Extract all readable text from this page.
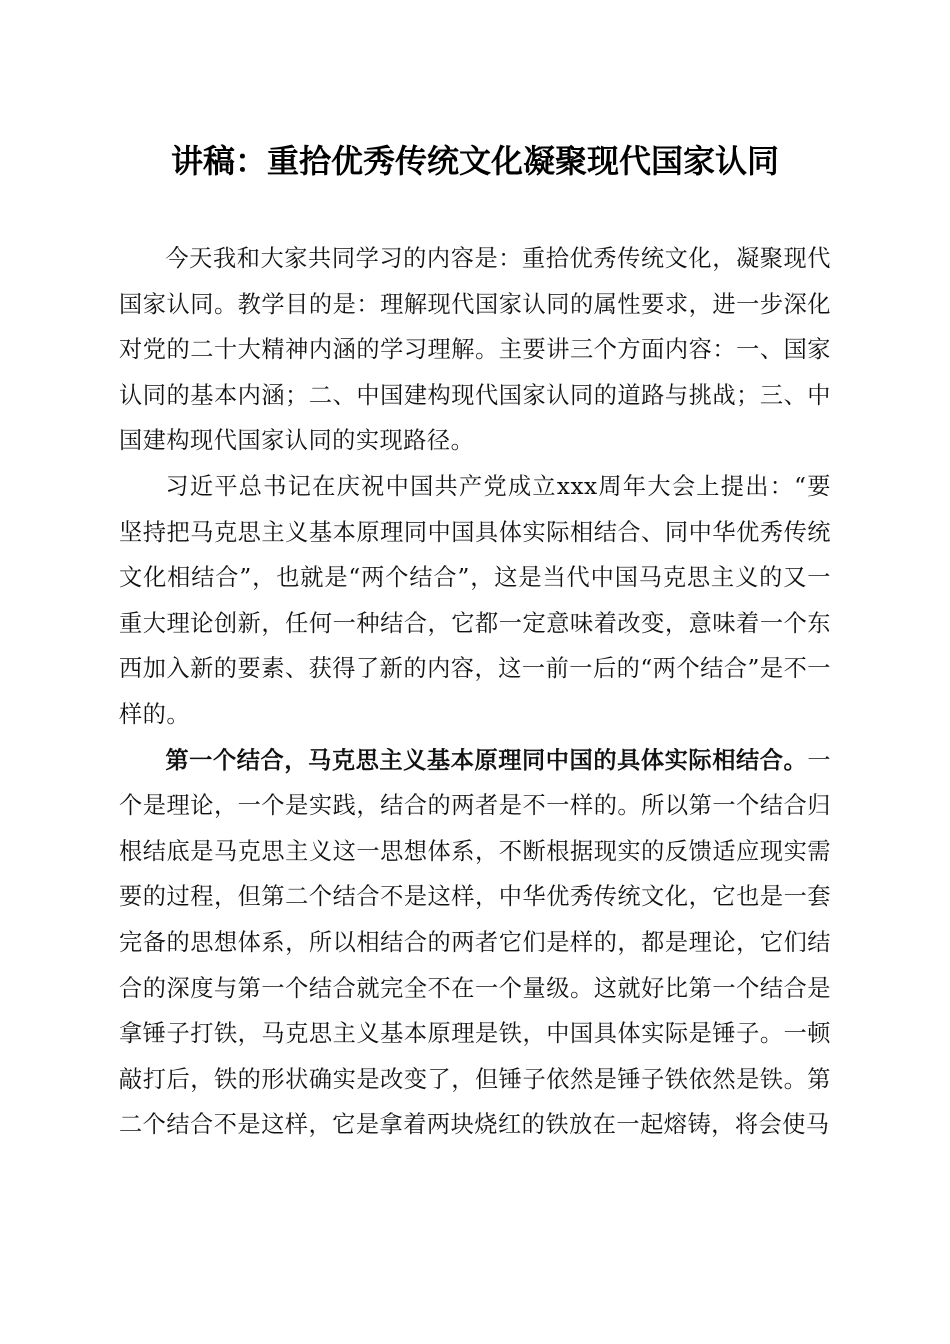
讲稿：重拾优秀传统文化凝聚现代国家认同

今天我和大家共同学习的内容是：重拾优秀传统文化，凝聚现代国家认同。教学目的是：理解现代国家认同的属性要求，进一步深化对党的二十大精神内涵的学习理解。主要讲三个方面内容：一、国家认同的基本内涵；二、中国建构现代国家认同的道路与挑战；三、中国建构现代国家认同的实现路径。

习近平总书记在庆祝中国共产党成立xxx周年大会上提出：“要坚持把马克思主义基本原理同中国具体实际相结合、同中华优秀传统文化相结合”，也就是“两个结合”，这是当代中国马克思主义的又一重大理论创新，任何一种结合，它都一定意味着改变，意味着一个东西加入新的要素、获得了新的内容，这一前一后的“两个结合”是不一样的。

第一个结合，马克思主义基本原理同中国的具体实际相结合。一个是理论，一个是实践，结合的两者是不一样的。所以第一个结合归根结底是马克思主义这一思想体系，不断根据现实的反馈适应现实需要的过程，但第二个结合不是这样，中华优秀传统文化，它也是一套完备的思想体系，所以相结合的两者它们是样的，都是理论，它们结合的深度与第一个结合就完全不在一个量级。这就好比第一个结合是拿锤子打铁，马克思主义基本原理是铁，中国具体实际是锤子。一顿敲打后，铁的形状确实是改变了，但锤子依然是锤子铁依然是铁。第二个结合不是这样，它是拿着两块烧红的铁放在一起熔铸，将会使马
